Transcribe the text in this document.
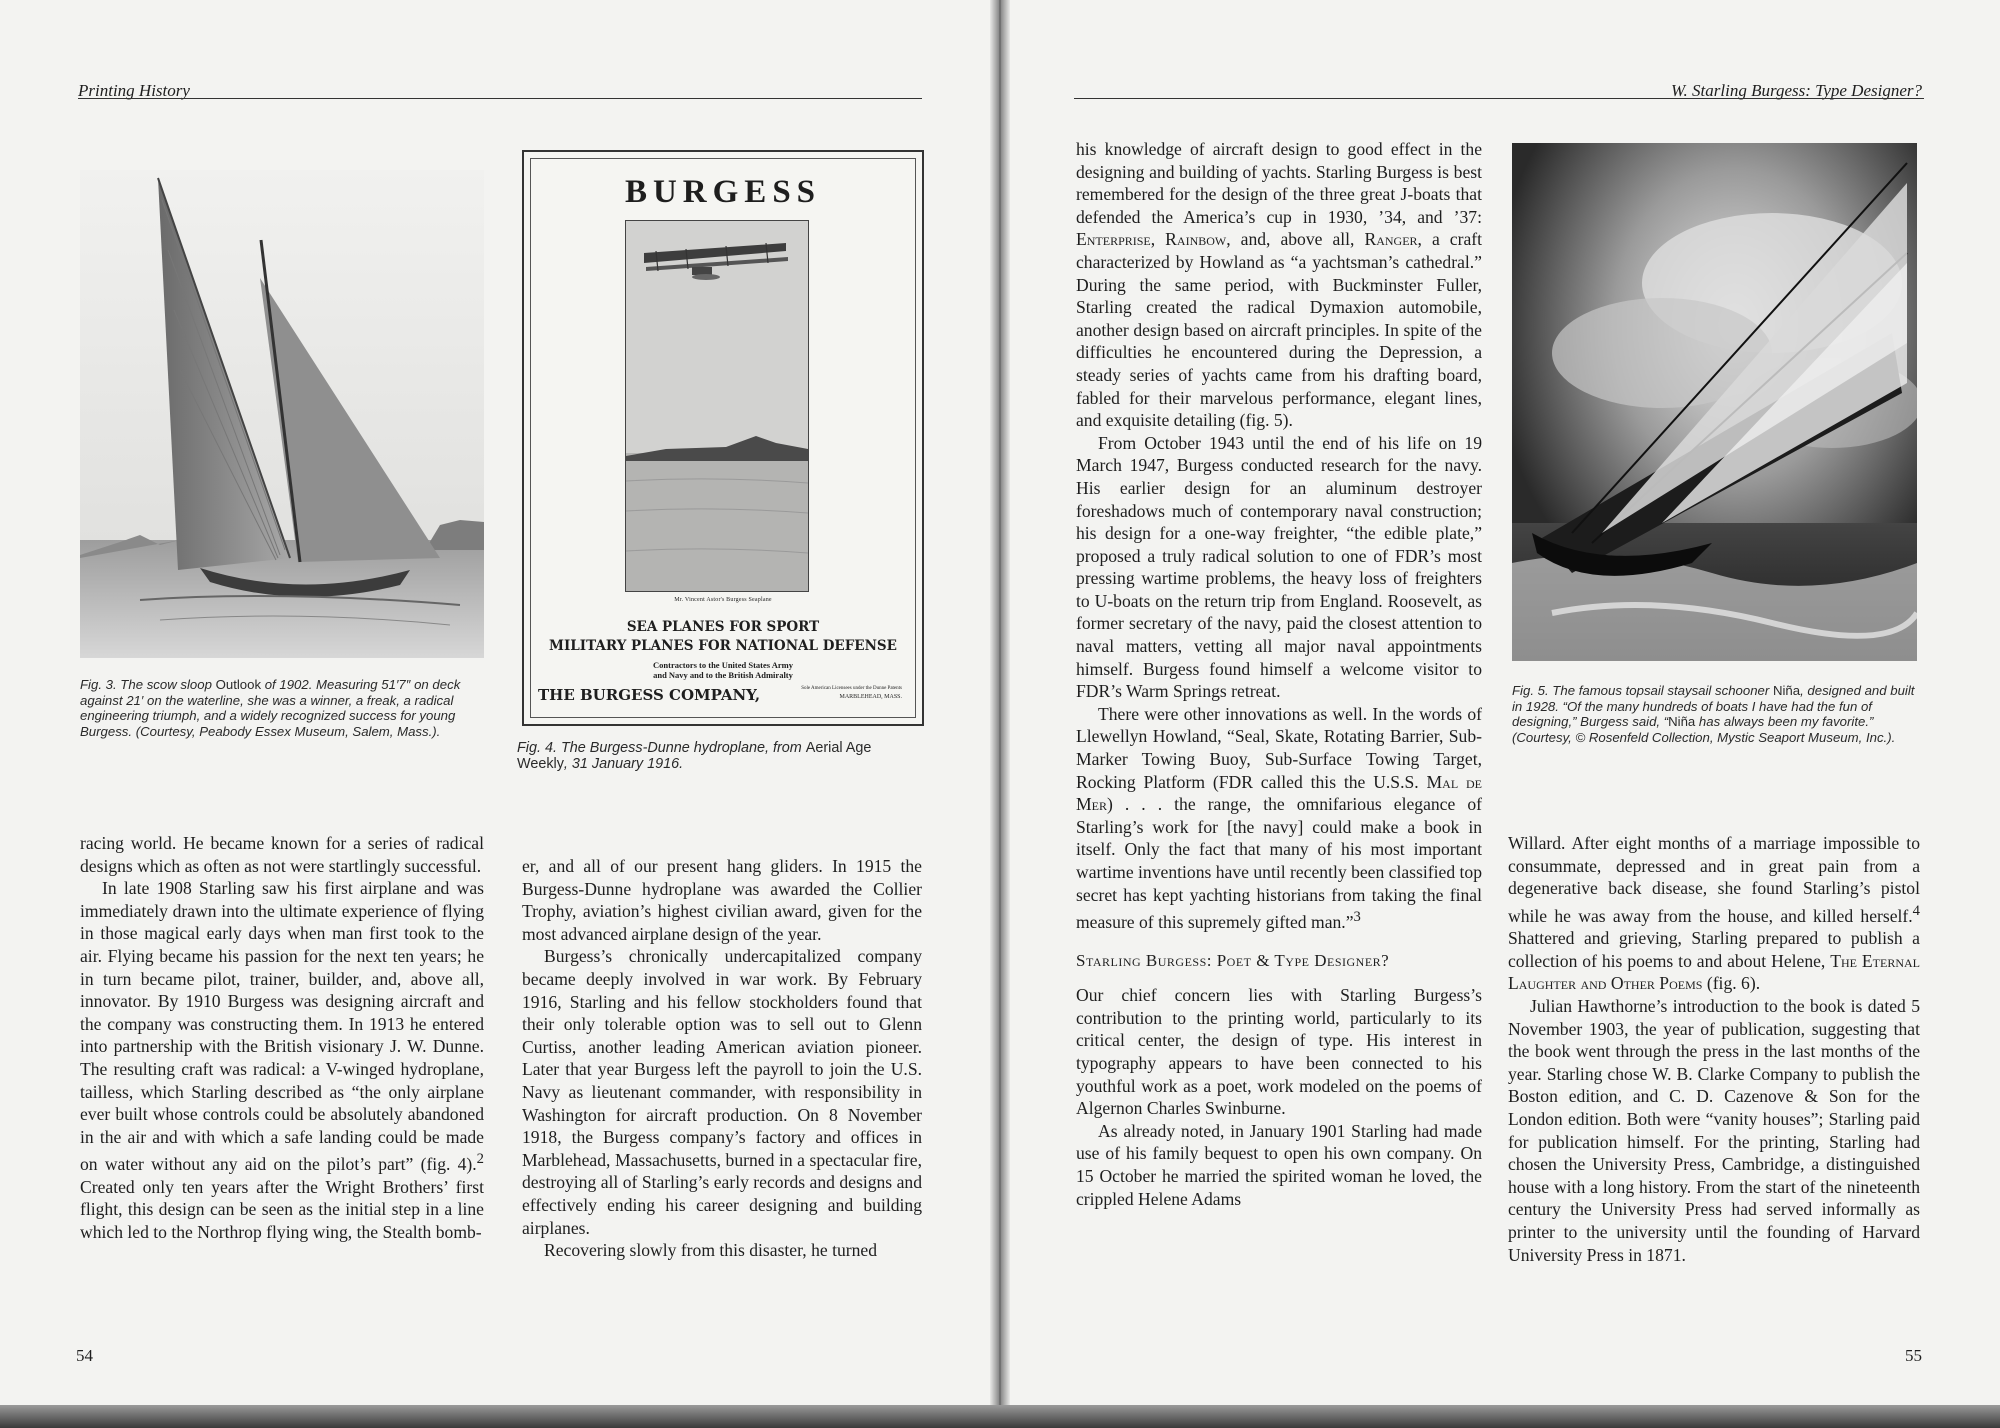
Printing History
Fig. 3. The scow sloop Outlook of 1902. Measuring 51′7″ on deck against 21′ on the waterline, she was a winner, a freak, a radical engineering triumph, and a widely recognized success for young Burgess. (Courtesy, Peabody Essex Museum, Salem, Mass.).
BURGESS
Mr. Vincent Astor's Burgess Seaplane
SEA PLANES FOR SPORT
MILITARY PLANES FOR NATIONAL DEFENSE
Contractors to the United States Army
and Navy and to the British Admiralty
THE BURGESS COMPANY,	Sole American Licensees under the Dunne Patents
MARBLEHEAD, MASS.
Fig. 4. The Burgess-Dunne hydroplane, from Aerial Age Weekly, 31 January 1916.

racing world. He became known for a series of radical designs which as often as not were startlingly successful.

In late 1908 Starling saw his first airplane and was immediately drawn into the ultimate experience of flying in those magical early days when man first took to the air. Flying became his passion for the next ten years; he in turn became pilot, trainer, builder, and, above all, innovator. By 1910 Burgess was designing aircraft and the company was constructing them. In 1913 he entered into partnership with the British visionary J. W. Dunne. The resulting craft was radical: a V-winged hydroplane, tailless, which Starling described as “the only airplane ever built whose controls could be absolutely abandoned in the air and with which a safe landing could be made on water without any aid on the pilot’s part” (fig. 4).$^2$ Created only ten years after the Wright Brothers’ first flight, this design can be seen as the initial step in a line which led to the Northrop flying wing, the Stealth bomb-

er, and all of our present hang gliders. In 1915 the Burgess-Dunne hydroplane was awarded the Collier Trophy, aviation’s highest civilian award, given for the most advanced airplane design of the year.

Burgess’s chronically undercapitalized company became deeply involved in war work. By February 1916, Starling and his fellow stockholders found that their only tolerable option was to sell out to Glenn Curtiss, another leading American aviation pioneer. Later that year Burgess left the payroll to join the U.S. Navy as lieutenant commander, with responsibility in Washington for aircraft production. On 8 November 1918, the Burgess company’s factory and offices in Marblehead, Massachusetts, burned in a spectacular fire, destroying all of Starling’s early records and designs and effectively ending his career designing and building airplanes.

Recovering slowly from this disaster, he turned

54
W. Starling Burgess: Type Designer?

his knowledge of aircraft design to good effect in the designing and building of yachts. Starling Burgess is best remembered for the design of the three great J-boats that defended the America’s cup in 1930, ’34, and ’37: Enterprise, Rainbow, and, above all, Ranger, a craft characterized by Howland as “a yachtsman’s cathedral.” During the same period, with Buckminster Fuller, Starling created the radical Dymaxion automobile, another design based on aircraft principles. In spite of the difficulties he encountered during the Depression, a steady series of yachts came from his drafting board, fabled for their marvelous performance, elegant lines, and exquisite detailing (fig. 5).

From October 1943 until the end of his life on 19 March 1947, Burgess conducted research for the navy. His earlier design for an aluminum destroyer foreshadows much of contemporary naval construction; his design for a one-way freighter, “the edible plate,” proposed a truly radical solution to one of FDR’s most pressing wartime problems, the heavy loss of freighters to U-boats on the return trip from England. Roosevelt, as former secretary of the navy, paid the closest attention to naval matters, vetting all major naval appointments himself. Burgess found himself a welcome visitor to FDR’s Warm Springs retreat.

There were other innovations as well. In the words of Llewellyn Howland, “Seal, Skate, Rotating Barrier, Sub-Marker Towing Buoy, Sub-Surface Towing Target, Rocking Platform (FDR called this the U.S.S. Mal de Mer) . . . the range, the omnifarious elegance of Starling’s work for [the navy] could make a book in itself. Only the fact that many of his most important wartime inventions have until recently been classified top secret has kept yachting historians from taking the final measure of this supremely gifted man.”$^3$

Starling Burgess: Poet & Type Designer?

Our chief concern lies with Starling Burgess’s contribution to the printing world, particularly to its critical center, the design of type. His interest in typography appears to have been connected to his youthful work as a poet, work modeled on the poems of Algernon Charles Swinburne.

As already noted, in January 1901 Starling had made use of his family bequest to open his own company. On 15 October he married the spirited woman he loved, the crippled Helene Adams

Fig. 5. The famous topsail staysail schooner Niña, designed and built in 1928. “Of the many hundreds of boats I have had the fun of designing,” Burgess said, “Niña has always been my favorite.” (Courtesy, © Rosenfeld Collection, Mystic Seaport Museum, Inc.).

Willard. After eight months of a marriage impossible to consummate, depressed and in great pain from a degenerative back disease, she found Starling’s pistol while he was away from the house, and killed herself.$^4$ Shattered and grieving, Starling prepared to publish a collection of his poems to and about Helene, The Eternal Laughter and Other Poems (fig. 6).

Julian Hawthorne’s introduction to the book is dated 5 November 1903, the year of publication, suggesting that the book went through the press in the last months of the year. Starling chose W. B. Clarke Company to publish the Boston edition, and C. D. Cazenove & Son for the London edition. Both were “vanity houses”; Starling paid for publication himself. For the printing, Starling had chosen the University Press, Cambridge, a distinguished house with a long history. From the start of the nineteenth century the University Press had served informally as printer to the university until the founding of Harvard University Press in 1871.

55
